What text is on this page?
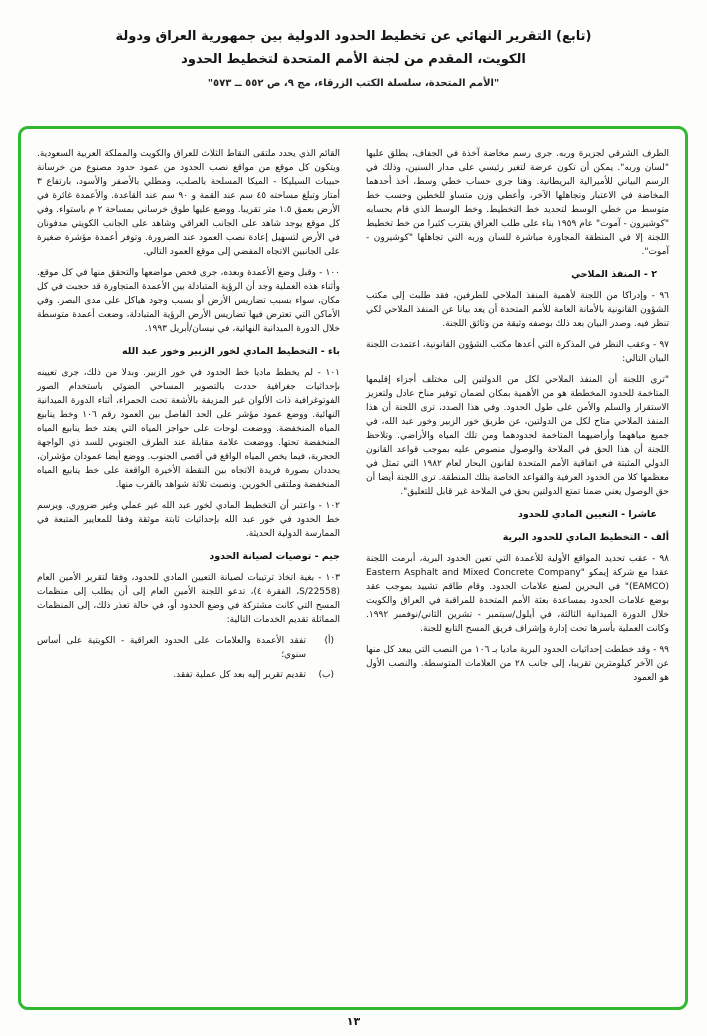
(تابع) التقرير النهائي عن تخطيط الحدود الدولية بين جمهورية العراق ودولة
الكويت، المقدم من لجنة الأمم المتحدة لتخطيط الحدود
"الأمم المتحدة، سلسلة الكتب الزرقاء، مج ٩، ص ٥٥٢ ــ ٥٧٣"

الطرف الشرقي لجزيرة وربه. جرى رسم مخاضة آخذة في الجفاف، يطلق عليها "لسان وربه". يمكن أن تكون عرضة لتغير رئيسي على مدار السنين، وذلك في الرسم البياني للأميرالية البريطانية. وهنا جرى حساب خطي وسط، أخذ أحدهما المخاضة في الاعتبار وتجاهلها الآخر، وأعطي وزن متساو للخطين وحسب خط متوسط من خطي الوسط لتحديد خط التخطيط. وخط الوسط الذي قام بحسابه "كوشيرون - آموت" عام ١٩٥٩ بناء على طلب العراق يقترب كثيرا من خط تخطيط اللجنة إلا في المنطقة المجاورة مباشرة للسان وربه التي تجاهلها "كوشيرون - آموت".

٢ - المنفذ الملاحي

٩٦ - وإدراكا من اللجنة لأهمية المنفذ الملاحي للطرفين، فقد طلبت إلى مكتب الشؤون القانونية بالأمانة العامة للأمم المتحدة أن يعد بيانا عن المنفذ الملاحي لكي تنظر فيه. وصدر البيان بعد ذلك بوصفه وثيقة من وثائق اللجنة.

٩٧ - وعقب النظر في المذكرة التي أعدها مكتب الشؤون القانونية، اعتمدت اللجنة البيان التالي:

"ترى اللجنة أن المنفذ الملاحي لكل من الدولتين إلى مختلف أجزاء إقليمها المتاخمة للحدود المخططة هو من الأهمية بمكان لضمان توفير مناخ عادل ولتعزيز الاستقرار والسلم والأمن على طول الحدود. وفي هذا الصدد، ترى اللجنة أن هذا المنفذ الملاحي متاح لكل من الدولتين، عن طريق خور الزبير وخور عبد الله، في جميع مياههما وأراضيهما المتاخمة لحدودهما ومن تلك المياه والأراضي. وتلاحظ اللجنة أن هذا الحق في الملاحة والوصول منصوص عليه بموجب قواعد القانون الدولي المثبتة في اتفاقية الأمم المتحدة لقانون البحار لعام ١٩٨٢ التي تمثل في معظمها كلا من الحدود العرفية والقواعد الخاصة بتلك المنطقة. ترى اللجنة أيضا أن حق الوصول يعني ضمنا تمتع الدولتين بحق في الملاحة غير قابل للتعليق".

عاشرا - التعيين المادي للحدود
ألف - التخطيط المادي للحدود البرية

٩٨ - عقب تحديد المواقع الأولية للأعمدة التي تعين الحدود البرية، أبرمت اللجنة عقدا مع شركة إيمكو "Eastern Asphalt and Mixed Concrete Company (EAMCO)" في البحرين لصنع علامات الحدود. وقام طاقم تشييد بموجب عقد بوضع علامات الحدود بمساعدة بعثة الأمم المتحدة للمراقبة في العراق والكويت خلال الدورة الميدانية الثالثة، في أيلول/سبتمبر - تشرين الثاني/نوفمبر ١٩٩٢. وكانت العملية بأسرها تحت إدارة وإشراف فريق المسح التابع للجنة.

٩٩ - وقد خططت إحداثيات الحدود البرية ماديا بـ ١٠٦ من النصب التي يبعد كل منها عن الآخر كيلومترين تقريبا، إلى جانب ٢٨ من العلامات المتوسطة. والنصب الأول هو العمود

القائم الذي يحدد ملتقى النقاط الثلاث للعراق والكويت والمملكة العربية السعودية. ويتكون كل موقع من مواقع نصب الحدود من عمود حدود مصنوع من خرسانة حبيبات السيليكا - الميكا المسلحة بالصلب، ومطلي بالأصفر والأسود، بارتفاع ٣ أمتار وتبلغ مساحته ٤٥ سم عند القمة و ٩٠ سم عند القاعدة. والأعمدة غائرة في الأرض بعمق ١.٥ متر تقريبا. ووضع عليها طوق خرساني بمساحة ٢ م باستواء. وفي كل موقع يوجد شاهد على الجانب العراقي وشاهد على الجانب الكويتي مدفونان في الأرض لتسهيل إعادة نصب العمود عند الضرورة. وتوفر أعمدة مؤشرة صغيرة على الجانبين الاتجاه المفضي إلى موقع العمود التالي.

١٠٠ - وقبل وضع الأعمدة وبعده، جرى فحص مواضعها والتحقق منها في كل موقع. وأثناء هذه العملية وجد أن الرؤية المتبادلة بين الأعمدة المتجاورة قد حجبت في كل مكان، سواء بسبب تضاريس الأرض أو بسبب وجود هياكل على مدى البصر. وفي الأماكن التي تعترض فيها تضاريس الأرض الرؤية المتبادلة، وضعت أعمدة متوسطة خلال الدورة الميدانية النهائية، في نيسان/أبريل ١٩٩٣.

باء - التخطيط المادي لخور الزبير وخور عبد الله

١٠١ - لم يخطط ماديا خط الحدود في خور الزبير. وبدلا من ذلك، جرى تعيينه بإحداثيات جغرافية حددت بالتصوير المساحي الضوئي باستخدام الصور الفوتوغرافية ذات الألوان غير المزيفة بالأشعة تحت الحمراء، أثناء الدورة الميدانية النهائية. ووضع عمود مؤشر على الحد الفاصل بين العمود رقم ١٠٦ وخط ينابيع المياه المنخفضة. ووضعت لوحات على حواجز المياه التي يعتد خط ينابيع المياه المنخفضة تحتها. ووضعت علامة مقابلة عند الطرف الجنوبي للسد ذي الواجهة الحجرية، فيما يخص المياه الواقع في أقصى الجنوب. ووضع أيضا عمودان مؤشران، يحددان بصورة فريدة الاتجاه بين النقطة الأخيرة الواقعة على خط ينابيع المياه المنخفضة وملتقى الخورين. ونصبت ثلاثة شواهد بالقرب منها.

١٠٢ - واعتبر أن التخطيط المادي لخور عبد الله غير عملي وغير ضروري. ويرسم خط الحدود في خور عبد الله بإحداثيات ثابتة موثقة وفقا للمعايير المتبعة في الممارسة الدولية الحديثة.

جيم - توصيات لصيانة الحدود

١٠٣ - بغية اتخاذ ترتيبات لصيانة التعيين المادي للحدود، وفقا لتقرير الأمين العام (S/22558، الفقرة ٤)، تدعو اللجنة الأمين العام إلى أن يطلب إلى منظمات المسح التي كانت مشتركة في وضع الحدود أو، في حالة تعذر ذلك، إلى المنظمات المماثلة تقديم الخدمات التالية:

(أ)
تفقد الأعمدة والعلامات على الحدود العراقية - الكويتية على أساس سنوي؛
(ب)
تقديم تقرير إليه بعد كل عملية تفقد.
١٣
